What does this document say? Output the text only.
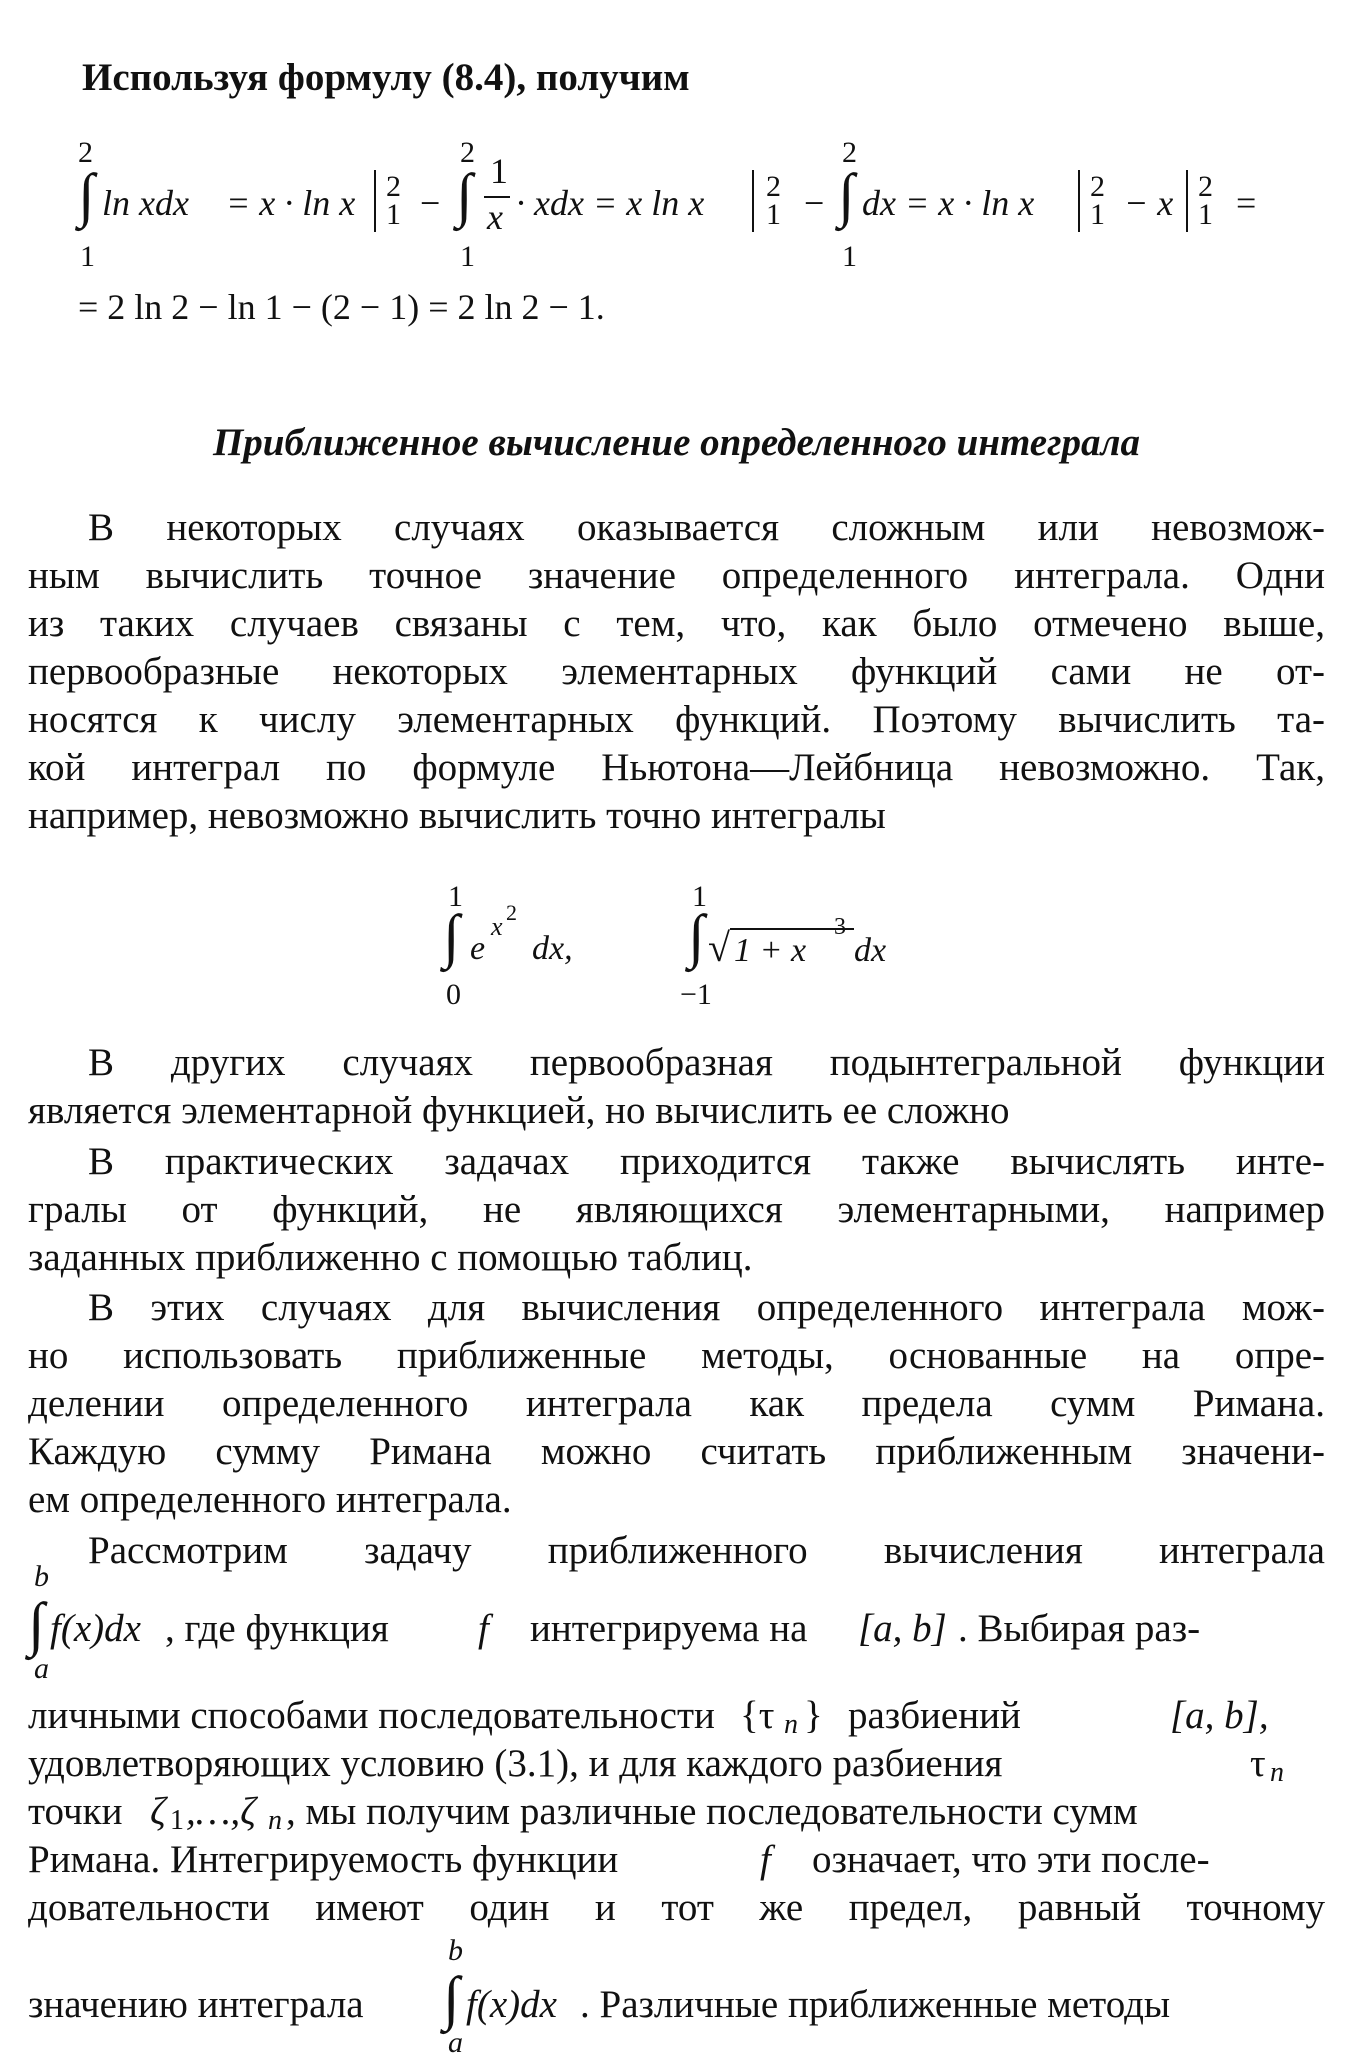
Используя формулу (8.4), получим
2
∫
1
ln xdx = x · ln x 2
1 −
2
∫
1
1
x · xdx = x ln x 2
1 −
2
∫
1
dx = x · ln x 2
1 − x 2
1 =
= 2 ln 2 − ln 1 − (2 − 1) = 2 ln 2 − 1.
Приближенное вычисление определенного интеграла
В некоторых случаях оказывается сложным или невозмож-
ным вычислить точное значение определенного интеграла. Одни
из таких случаев связаны с тем, что, как было отмечено выше,
первообразные некоторых элементарных функций сами не от-
носятся к числу элементарных функций. Поэтому вычислить та-
кой интеграл по формуле Ньютона—Лейбница невозможно. Так,
например, невозможно вычислить точно интегралы
1
∫
0
e
x 2
dx,
1
∫
−1
√ 1 + x
3
dx
В других случаях первообразная подынтегральной функции
является элементарной функцией, но вычислить ее сложно
В практических задачах приходится также вычислять инте-
гралы от функций, не являющихся элементарными, например
заданных приближенно с помощью таблиц.
В этих случаях для вычисления определенного интеграла мож-
но использовать приближенные методы, основанные на опре-
делении определенного интеграла как предела сумм Римана.
Каждую сумму Римана можно считать приближенным значени-
ем определенного интеграла.
Рассмотрим задачу приближенного вычисления интеграла
b
∫
a
f(x)dx , где функция f интегрируема на [a, b] . Выбирая раз-
личными способами последовательности {τ n } разбиений	[a, b],
удовлетворяющих условию (3.1), и для каждого разбиения	τ n
точки ζ 1 ,…,ζ n , мы получим различные последовательности сумм
Римана. Интегрируемость функции	f означает, что эти после-
довательности имеют один и тот же предел, равный точному
значению интеграла
b
∫
a
f(x)dx . Различные приближенные методы
